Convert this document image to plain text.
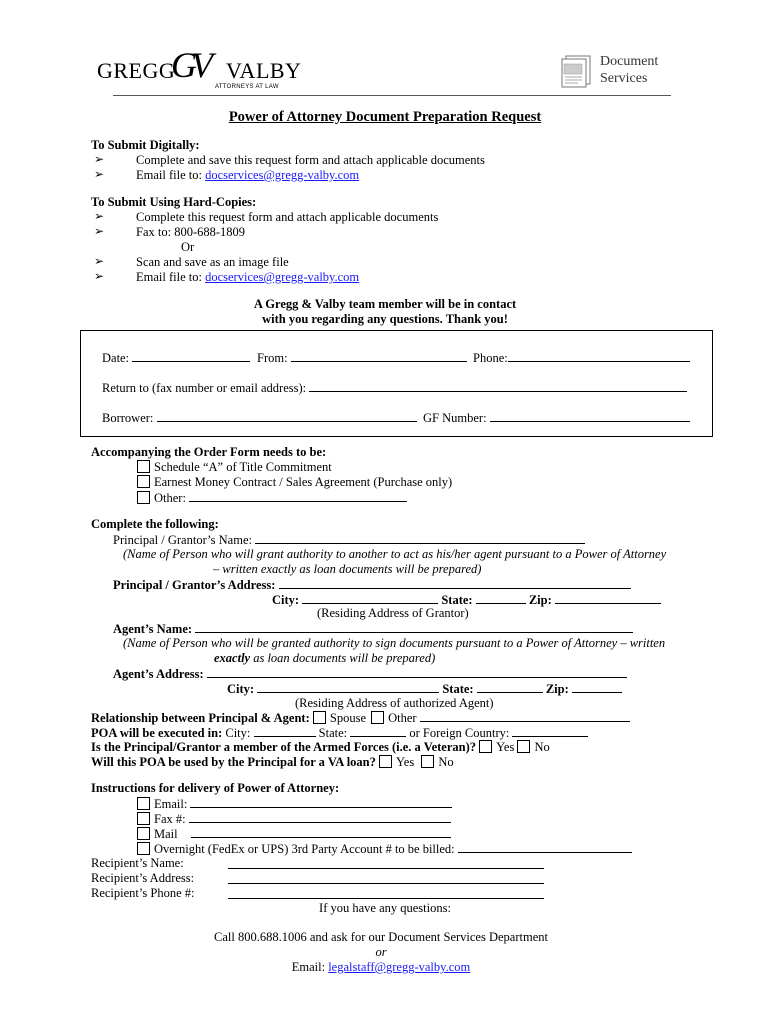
GREGG
GV VALBY
ATTORNEYS AT LAW
Document
Services
Power of Attorney Document Preparation Request
To Submit Digitally:
➢	Complete and save this request form and attach applicable documents
➢	Email file to: docservices@gregg-valby.com
To Submit Using Hard-Copies:
➢	Complete this request form and attach applicable documents
➢	Fax to: 800-688-1809
Or
➢	Scan and save as an image file
➢	Email file to: docservices@gregg-valby.com
A Gregg & Valby team member will be in contact
with you regarding any questions. Thank you!
Date:	From:	Phone:
Return to (fax number or email address):
Borrower:	GF Number:
Accompanying the Order Form needs to be:
Schedule “A” of Title Commitment
Earnest Money Contract / Sales Agreement (Purchase only)
Other:
Complete the following:
Principal / Grantor’s Name:
(Name of Person who will grant authority to another to act as his/her agent pursuant to a Power of Attorney
– written exactly as loan documents will be prepared)
Principal / Grantor’s Address:
City:	State:	Zip:
(Residing Address of Grantor)
Agent’s Name:
(Name of Person who will be granted authority to sign documents pursuant to a Power of Attorney – written
exactly as loan documents will be prepared)
Agent’s Address:
City:	State:	Zip:
(Residing Address of authorized Agent)
Relationship between Principal & Agent: Spouse Other
POA will be executed in: City:	State:	or Foreign Country:
Is the Principal/Grantor a member of the Armed Forces (i.e. a Veteran)? Yes No
Will this POA be used by the Principal for a VA loan? Yes No
Instructions for delivery of Power of Attorney:
Email:
Fax #:
Mail
Overnight (FedEx or UPS) 3rd Party Account # to be billed:
Recipient’s Name:
Recipient’s Address:
Recipient’s Phone #:
If you have any questions:
Call 800.688.1006 and ask for our Document Services Department
or
Email: legalstaff@gregg-valby.com
